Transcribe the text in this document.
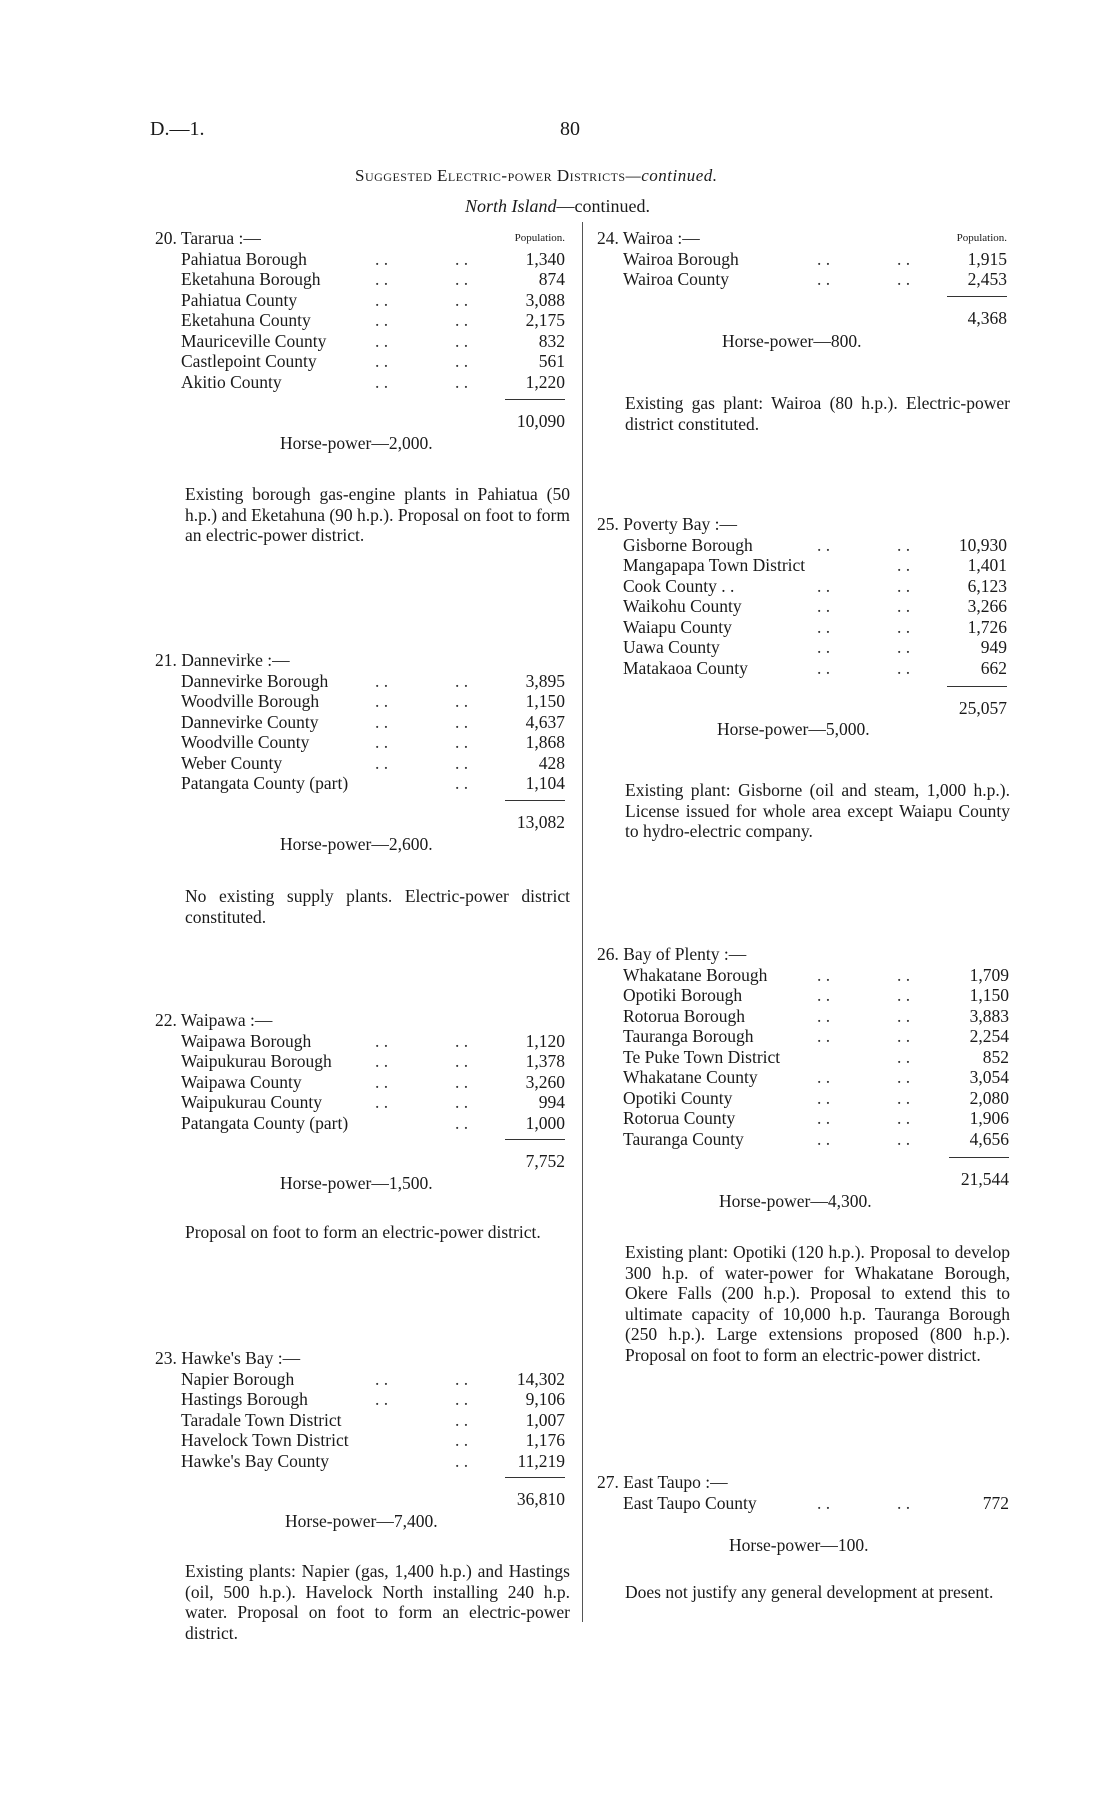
D.—1.	80
Suggested Electric-power Districts—continued.
North Island—continued.
20. Tararua :—	Population.
Pahiatua Borough	. .	. .	1,340
Eketahuna Borough	. .	. .	874
Pahiatua County	. .	. .	3,088
Eketahuna County	. .	. .	2,175
Mauriceville County	. .	. .	832
Castlepoint County	. .	. .	561
Akitio County	. .	. .	1,220
10,090
Horse-power—2,000.
Existing borough gas-engine plants in Pahiatua (50 h.p.) and Eketahuna (90 h.p.). Proposal on foot to form an electric-power district.
21. Dannevirke :—
Dannevirke Borough	. .	. .	3,895
Woodville Borough	. .	. .	1,150
Dannevirke County	. .	. .	4,637
Woodville County	. .	. .	1,868
Weber County	. .	. .	428
Patangata County (part)	. .	1,104
13,082
Horse-power—2,600.
No existing supply plants. Electric-power district constituted.
22. Waipawa :—
Waipawa Borough	. .	. .	1,120
Waipukurau Borough . .	. .	1,378
Waipawa County	. .	. .	3,260
Waipukurau County	. .	. .	994
Patangata County (part)	. .	1,000
7,752
Horse-power—1,500.
Proposal on foot to form an electric-power district.
23. Hawke's Bay :—
Napier Borough	. .	. .	14,302
Hastings Borough	. .	. .	9,106
Taradale Town District	. .	1,007
Havelock Town District	. .	1,176
Hawke's Bay County	. .	11,219
36,810
Horse-power—7,400.
Existing plants: Napier (gas, 1,400 h.p.) and Hastings (oil, 500 h.p.). Havelock North installing 240 h.p. water. Proposal on foot to form an electric-power district.
24. Wairoa :—	Population.
Wairoa Borough	. .	. .	1,915
Wairoa County	. .	. .	2,453
4,368
Horse-power—800.
Existing gas plant: Wairoa (80 h.p.). Electric-power district constituted.
25. Poverty Bay :—
Gisborne Borough	. .	. .	10,930
Mangapapa Town District	. .	1,401
Cook County . .	. .	. .	6,123
Waikohu County	. .	. .	3,266
Waiapu County	. .	. .	1,726
Uawa County	. .	. .	949
Matakaoa County	. .	. .	662
25,057
Horse-power—5,000.
Existing plant: Gisborne (oil and steam, 1,000 h.p.). License issued for whole area except Waiapu County to hydro-electric company.
26. Bay of Plenty :—
Whakatane Borough	. .	. .	1,709
Opotiki Borough	. .	. .	1,150
Rotorua Borough	. .	. .	3,883
Tauranga Borough	. .	. .	2,254
Te Puke Town District	. .	852
Whakatane County	. .	. .	3,054
Opotiki County	. .	. .	2,080
Rotorua County	. .	. .	1,906
Tauranga County	. .	. .	4,656
21,544
Horse-power—4,300.
Existing plant: Opotiki (120 h.p.). Proposal to develop 300 h.p. of water-power for Whakatane Borough, Okere Falls (200 h.p.). Proposal to extend this to ultimate capacity of 10,000 h.p. Tauranga Borough (250 h.p.). Large extensions proposed (800 h.p.). Proposal on foot to form an electric-power district.
27. East Taupo :—
East Taupo County	. .	. .	772
Horse-power—100.
Does not justify any general development at present.
